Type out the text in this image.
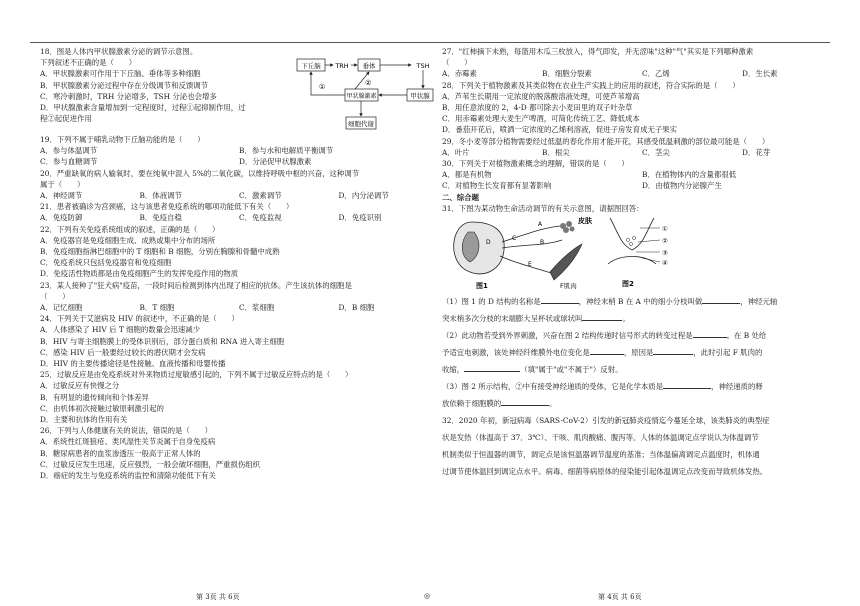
18．图是人体内甲状腺激素分泌的调节示意图。
下列叙述不正确的是（　　）
A．甲状腺激素可作用于下丘脑、垂体等多种细胞
B．甲状腺激素分泌过程中存在分级调节和反馈调节
C．寒冷刺激时，TRH 分泌增多，TSH 分泌也会增多
D．甲状腺激素含量增加到一定程度时，过程①起抑制作用，过
程②起促进作用
下丘脑 TRH 垂体	TSH
甲状腺
甲状腺激素
①	②
细胞代谢
19．下列不属于哺乳动物下丘脑功能的是（　　）
A．参与体温调节	B．参与水和电解质平衡调节
C．参与血糖调节	D．分泌促甲状腺激素
20．严重缺氧的病人输氧时，要在纯氧中混入 5%的二氧化碳，以维持呼吸中枢的兴奋，这种调节
属于（　　）
A．神经调节	B．体液调节	C．激素调节	D．内分泌调节
21．患者被确诊为宫颈癌，这与该患者免疫系统的哪项功能低下有关（　　）
A．免疫防御	B．免疫自稳	C．免疫监视	D．免疫识别
22．下列有关免疫系统组成的叙述，正确的是（　　）
A．免疫器官是免疫细胞生成、成熟或集中分布的场所
B．免疫细胞指淋巴细胞中的 T 细胞和 B 细胞，分别在胸腺和骨髓中成熟
C．免疫系统只包括免疫器官和免疫细胞
D．免疫活性物质都是由免疫细胞产生的发挥免疫作用的物质
23．某人接种了"狂犬病"疫苗，一段时间后检测到体内出现了相应的抗体。产生该抗体的细胞是
（　　）
A．记忆细胞	B．T 细胞	C．浆细胞	D．B 细胞
24．下列关于艾滋病及 HIV 的叙述中，不正确的是（　　）
A．人体感染了 HIV 后 T 细胞的数量会迅速减少
B．HIV 与寄主细胞膜上的受体识别后，部分蛋白质和 RNA 进入寄主细胞
C．感染 HIV 后一般要经过较长的潜伏期才会发病
D．HIV 的主要传播途径是性接触、血液传播和母婴传播
25．过敏反应是由免疫系统对外来物质过度敏感引起的，下列不属于过敏反应特点的是（　　）
A．过敏反应有快慢之分
B．有明显的遗传倾向和个体差异
C．由机体初次接触过敏原刺激引起的
D．主要和抗体的作用有关
26．下列与人体健康有关的说法，错误的是（　　）
A．系统性红斑狼疮、类风湿性关节炎属于自身免疫病
B．糖尿病患者的血浆渗透压一般高于正常人体的
C．过敏反应发生迅速，反应强烈，一般会破坏细胞，严重损伤组织
D．癌症的发生与免疫系统的监控和清除功能低下有关
27．"红柿摘下未熟，每篮用木瓜三枚放入，得气即发，并无涩味"这种"气"其实是下列哪种激素
（　　）
A．赤霉素	B．细胞分裂素	C．乙烯	D．生长素
28．下列关于植物激素及其类似物在农业生产实践上的应用的叙述，符合实际的是（　　）
A．芦苇生长期用一定浓度的脱落酸溶液处理，可使芦苇增高
B．用任意浓度的 2，4-D 都可除去小麦田里的双子叶杂草
C．用赤霉素处理大麦生产啤酒，可简化传统工艺、降低成本
D．番茄开花后，喷洒一定浓度的乙烯利溶液，促进子房发育成无子果实
29．冬小麦等部分植物需要经过低温的春化作用才能开花，其感受低温刺激的部位最可能是（　　）
A．叶片	B．根尖	C．茎尖	D．花芽
30．下列关于对植物激素概念的理解，错误的是（　　）
A．都是有机物	B．在植物体内的含量都很低
C．对植物生长发育都有显著影响	D．由植物内分泌腺产生
二、综合题
31．下图为某动物生命活动调节的有关示意图，请据图回答：
皮肤
F肌肉
A
B
C
D
E
图1
①
②
③
④
图2
（1）图 1 的 D 结构的名称是	，神经末梢 B 在 A 中的细小分枝叫做	，神经元轴
突末梢多次分枝的末端膨大呈杯状或球状叫	。
（2）此动物若受到外界刺激，兴奋在图 2 结构传递时信号形式的转变过程是	。在 B 处给
予适宜电刺激，该处神经纤维膜外电位变化是	，原因是	，此时引起 F 肌肉的
收缩，	（填"属于"或"不属于"）反射。
（3）图 2 所示结构，②中有接受神经递质的受体，它是化学本质是	，神经递质的释
放依赖于细胞膜的	。
32．2020 年初，新冠病毒（SARS-CoV-2）引发的新冠肺炎疫情迄今蔓延全球，该类肺炎的典型症
状是发热（体温高于 37．3℃）、干咳、肌肉酸痛、腹泻等。人体的体温调定点学说认为体温调节
机制类似于恒温器的调节，调定点是该恒温器调节温度的基准；当体温偏离调定点温度时，机体通
过调节使体温回到调定点水平。病毒、细菌等病原体的侵染能引起体温调定点改变而导致机体发热。
第 3页 共 6页	◎	第 4页 共 6页
